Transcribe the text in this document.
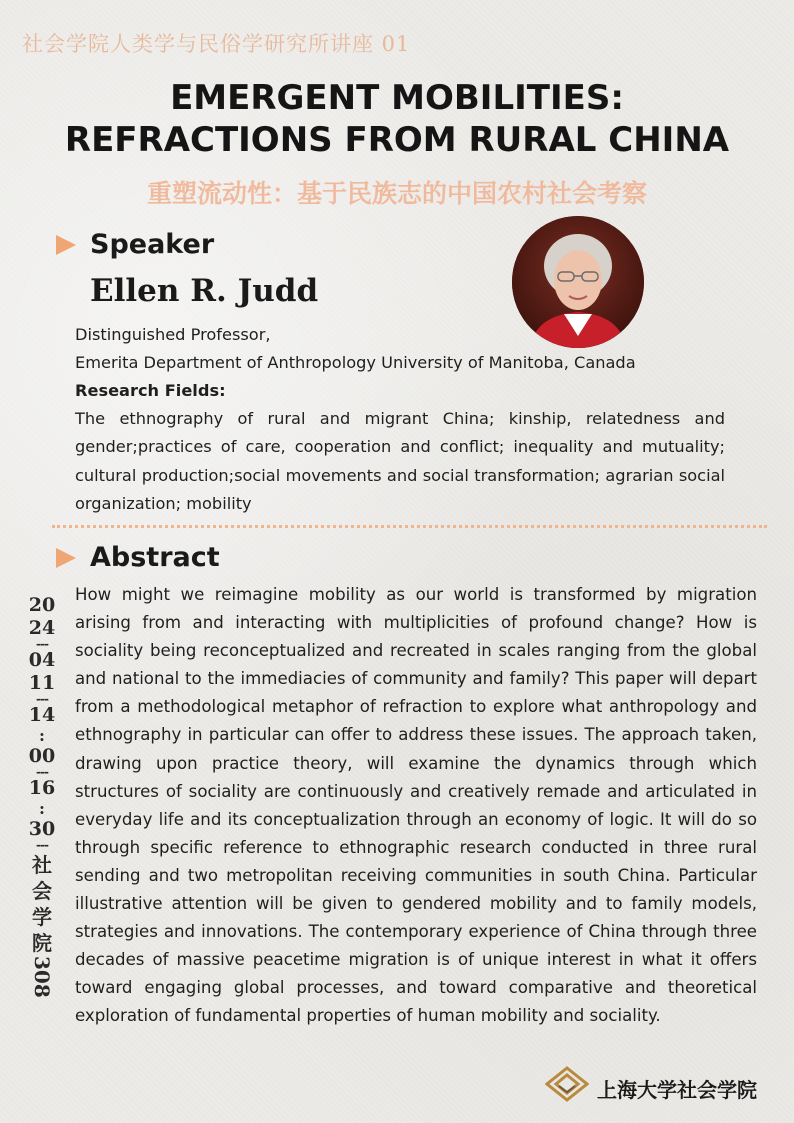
社会学院人类学与民俗学研究所讲座 01
EMERGENT MOBILITIES:
REFRACTIONS FROM RURAL CHINA
重塑流动性：基于民族志的中国农村社会考察
Speaker
Ellen R. Judd
Distinguished Professor,
Emerita Department of Anthropology University of Manitoba, Canada
Research Fields:
The ethnography of rural and migrant China; kinship, relatedness and gender;practices of care, cooperation and conflict; inequality and mutuality; cultural production;social movements and social transformation; agrarian social organization; mobility
Abstract
How might we reimagine mobility as our world is transformed by migration arising from and interacting with multiplicities of profound change? How is sociality being reconceptualized and recreated in scales ranging from the global and national to the immediacies of community and family? This paper will depart from a methodological metaphor of refraction to explore what anthropology and ethnography in particular can offer to address these issues. The approach taken, drawing upon practice theory, will examine the dynamics through which structures of sociality are continuously and creatively remade and articulated in everyday life and its conceptualization through an economy of logic. It will do so through specific reference to ethnographic research conducted in three rural sending and two metropolitan receiving communities in south China. Particular illustrative attention will be given to gendered mobility and to family models, strategies and innovations. The contemporary experience of China through three decades of massive peacetime migration is of unique interest in what it offers toward engaging global processes, and toward comparative and theoretical exploration of fundamental properties of human mobility and sociality.
20
24
---
04
11
---
14
:
00
---
16
:
30
---
社
会
学
院
308
上海大学社会学院
